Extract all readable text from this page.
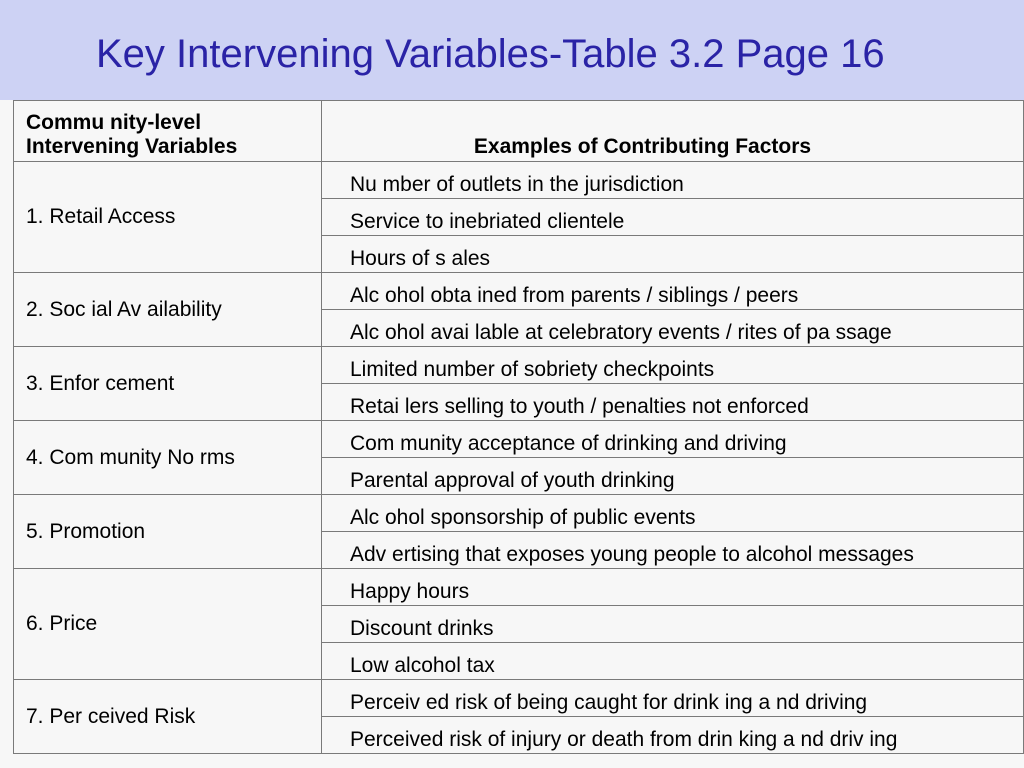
Key Intervening Variables-Table 3.2 Page 16
Commu nity-level
Intervening Variables	Examples of Contributing Factors
1. Retail Access	Nu mber of outlets in the jurisdiction
	Service to inebriated clientele
	Hours of s ales
2. Soc ial Av ailability	Alc ohol obta ined from parents / siblings / peers
	Alc ohol avai lable at celebratory events / rites of pa ssage
3. Enfor cement	Limited number of sobriety checkpoints
	Retai lers selling to youth / penalties not enforced
4. Com munity No rms	Com munity acceptance of drinking and driving
	Parental approval of youth drinking
5. Promotion	Alc ohol sponsorship of public events
	Adv ertising that exposes young people to alcohol messages
6. Price	Happy hours
	Discount drinks
	Low alcohol tax
7. Per ceived Risk	Perceiv ed risk of being caught for drink ing a nd driving
	Perceived risk of injury or death from drin king a nd driv ing
